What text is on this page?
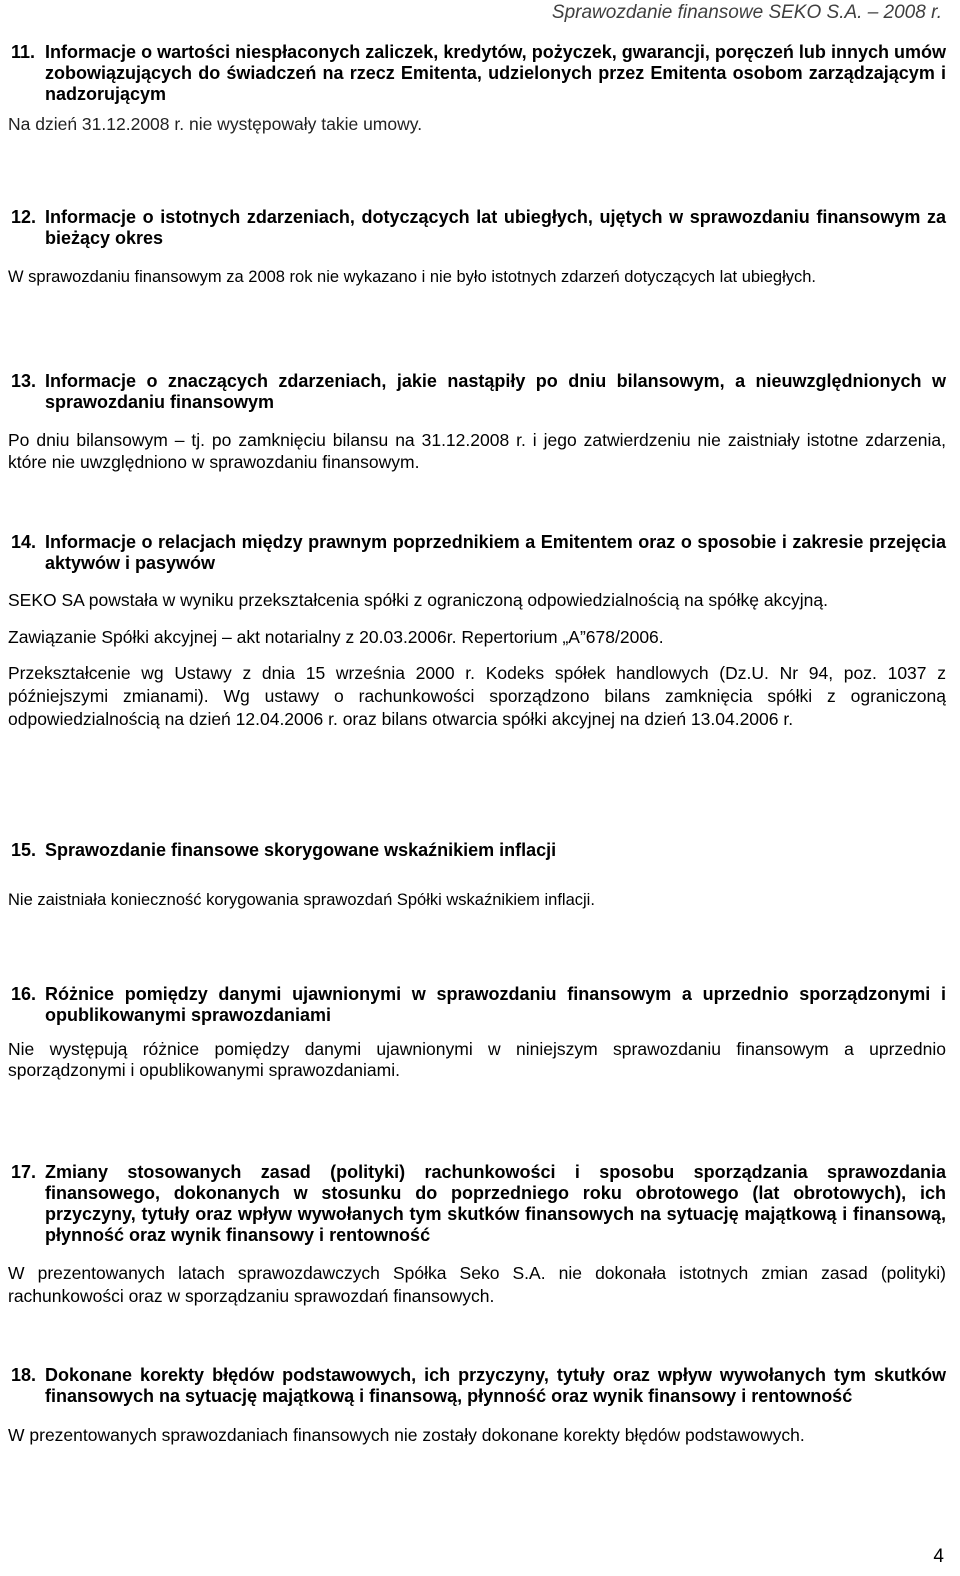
Sprawozdanie finansowe SEKO S.A. – 2008 r.
11. Informacje o wartości niespłaconych zaliczek, kredytów, pożyczek, gwarancji, poręczeń lub innych umów zobowiązujących do świadczeń na rzecz Emitenta, udzielonych przez Emitenta osobom zarządzającym i nadzorującym

Na dzień 31.12.2008 r. nie występowały takie umowy.

12. Informacje o istotnych zdarzeniach, dotyczących lat ubiegłych, ujętych w sprawozdaniu finansowym za bieżący okres

W sprawozdaniu finansowym za 2008 rok nie wykazano i nie było istotnych zdarzeń dotyczących lat ubiegłych.

13. Informacje o znaczących zdarzeniach, jakie nastąpiły po dniu bilansowym, a nieuwzględnionych w sprawozdaniu finansowym

Po dniu bilansowym – tj. po zamknięciu bilansu na 31.12.2008 r. i jego zatwierdzeniu nie zaistniały istotne zdarzenia, które nie uwzględniono w sprawozdaniu finansowym.

14. Informacje o relacjach między prawnym poprzednikiem a Emitentem oraz o sposobie i zakresie przejęcia aktywów i pasywów

SEKO SA powstała w wyniku przekształcenia spółki z ograniczoną odpowiedzialnością na spółkę akcyjną.

Zawiązanie Spółki akcyjnej – akt notarialny z 20.03.2006r. Repertorium „A”678/2006.

Przekształcenie wg Ustawy z dnia 15 września 2000 r. Kodeks spółek handlowych (Dz.U. Nr 94, poz. 1037 z późniejszymi zmianami). Wg ustawy o rachunkowości sporządzono bilans zamknięcia spółki z ograniczoną odpowiedzialnością na dzień 12.04.2006 r. oraz bilans otwarcia spółki akcyjnej na dzień 13.04.2006 r.

15. Sprawozdanie finansowe skorygowane wskaźnikiem inflacji

Nie zaistniała konieczność korygowania sprawozdań Spółki wskaźnikiem inflacji.

16. Różnice pomiędzy danymi ujawnionymi w sprawozdaniu finansowym a uprzednio sporządzonymi i opublikowanymi sprawozdaniami

Nie występują różnice pomiędzy danymi ujawnionymi w niniejszym sprawozdaniu finansowym a uprzednio sporządzonymi i opublikowanymi sprawozdaniami.

17. Zmiany stosowanych zasad (polityki) rachunkowości i sposobu sporządzania sprawozdania finansowego, dokonanych w stosunku do poprzedniego roku obrotowego (lat obrotowych), ich przyczyny, tytuły oraz wpływ wywołanych tym skutków finansowych na sytuację majątkową i finansową, płynność oraz wynik finansowy i rentowność

W prezentowanych latach sprawozdawczych Spółka Seko S.A. nie dokonała istotnych zmian zasad (polityki) rachunkowości oraz w sporządzaniu sprawozdań finansowych.

18. Dokonane korekty błędów podstawowych, ich przyczyny, tytuły oraz wpływ wywołanych tym skutków finansowych na sytuację majątkową i finansową, płynność oraz wynik finansowy i rentowność

W prezentowanych sprawozdaniach finansowych nie zostały dokonane korekty błędów podstawowych.

4
